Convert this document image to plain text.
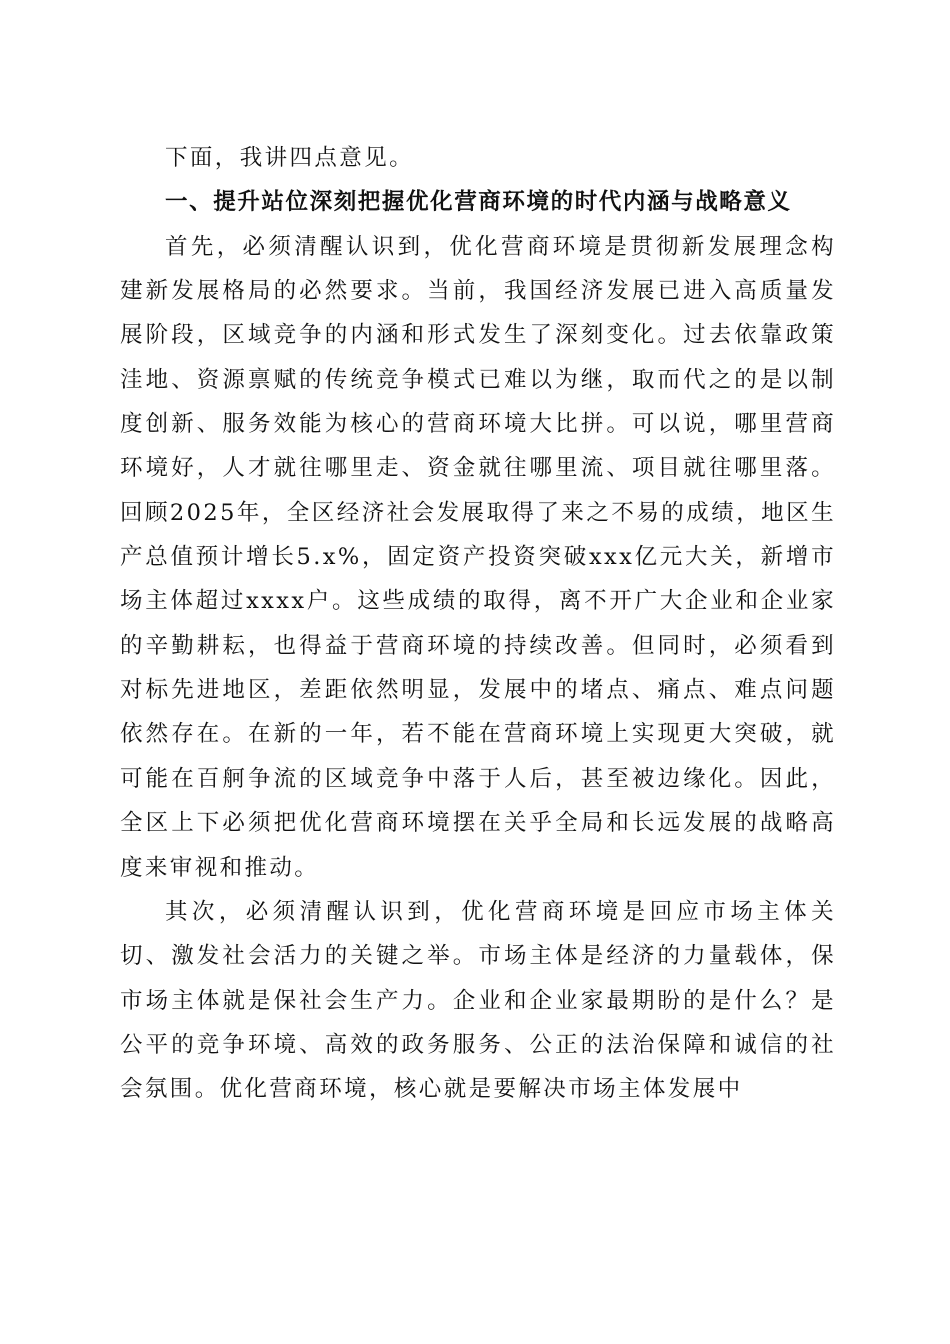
下面，我讲四点意见。

一、提升站位深刻把握优化营商环境的时代内涵与战略意义

首先，必须清醒认识到，优化营商环境是贯彻新发展理念构建新发展格局的必然要求。当前，我国经济发展已进入高质量发展阶段，区域竞争的内涵和形式发生了深刻变化。过去依靠政策洼地、资源禀赋的传统竞争模式已难以为继，取而代之的是以制度创新、服务效能为核心的营商环境大比拼。可以说，哪里营商环境好，人才就往哪里走、资金就往哪里流、项目就往哪里落。回顾2025年，全区经济社会发展取得了来之不易的成绩，地区生产总值预计增长5.x%，固定资产投资突破xxx亿元大关，新增市场主体超过xxxx户。这些成绩的取得，离不开广大企业和企业家的辛勤耕耘，也得益于营商环境的持续改善。但同时，必须看到对标先进地区，差距依然明显，发展中的堵点、痛点、难点问题依然存在。在新的一年，若不能在营商环境上实现更大突破，就可能在百舸争流的区域竞争中落于人后，甚至被边缘化。因此，全区上下必须把优化营商环境摆在关乎全局和长远发展的战略高度来审视和推动。

其次，必须清醒认识到，优化营商环境是回应市场主体关切、激发社会活力的关键之举。市场主体是经济的力量载体，保市场主体就是保社会生产力。企业和企业家最期盼的是什么？是公平的竞争环境、高效的政务服务、公正的法治保障和诚信的社会氛围。优化营商环境，核心就是要解决市场主体发展中
